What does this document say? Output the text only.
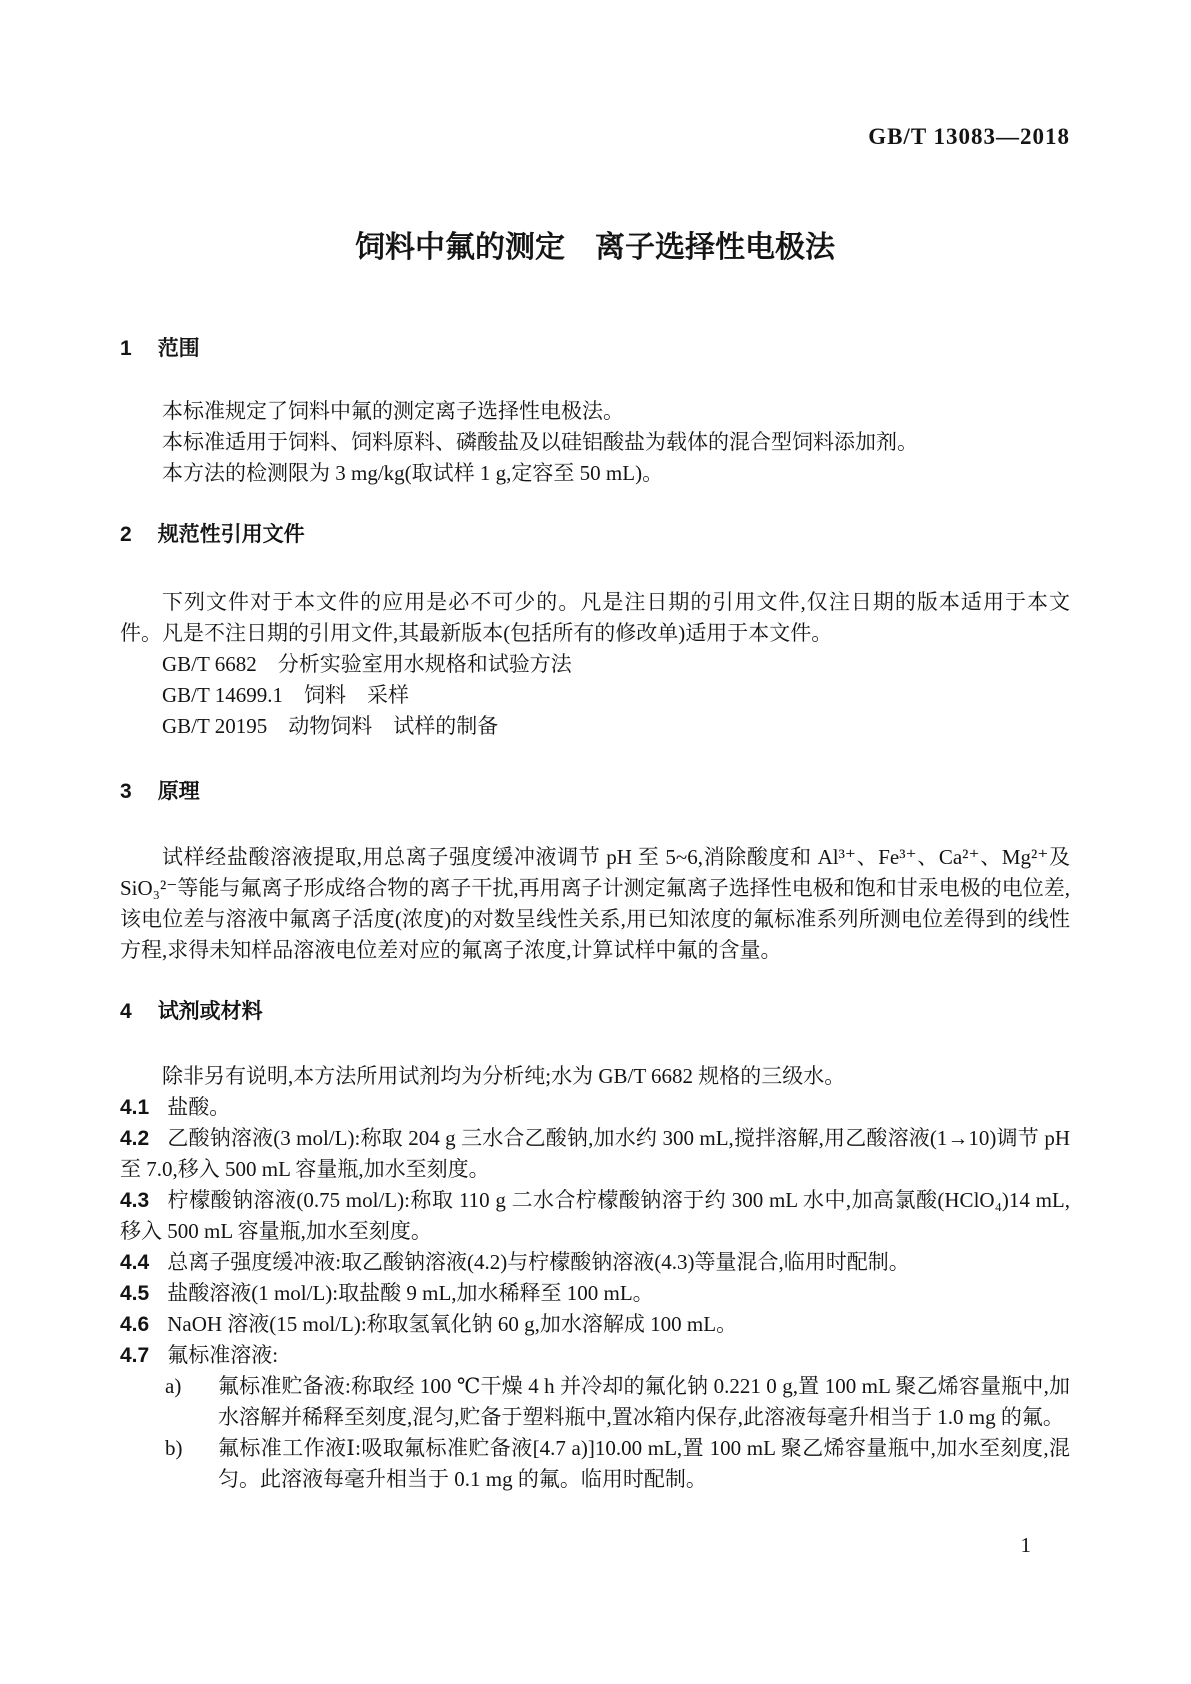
GB/T 13083—2018
饲料中氟的测定　离子选择性电极法
1 范围

本标准规定了饲料中氟的测定离子选择性电极法。

本标准适用于饲料、饲料原料、磷酸盐及以硅铝酸盐为载体的混合型饲料添加剂。

本方法的检测限为 3 mg/kg(取试样 1 g,定容至 50 mL)。

2 规范性引用文件

下列文件对于本文件的应用是必不可少的。凡是注日期的引用文件,仅注日期的版本适用于本文件。凡是不注日期的引用文件,其最新版本(包括所有的修改单)适用于本文件。

GB/T 6682　分析实验室用水规格和试验方法

GB/T 14699.1　饲料　采样

GB/T 20195　动物饲料　试样的制备

3 原理

试样经盐酸溶液提取,用总离子强度缓冲液调节 pH 至 5~6,消除酸度和 Al³⁺、Fe³⁺、Ca²⁺、Mg²⁺及 SiO₃²⁻等能与氟离子形成络合物的离子干扰,再用离子计测定氟离子选择性电极和饱和甘汞电极的电位差,该电位差与溶液中氟离子活度(浓度)的对数呈线性关系,用已知浓度的氟标准系列所测电位差得到的线性方程,求得未知样品溶液电位差对应的氟离子浓度,计算试样中氟的含量。

4 试剂或材料

除非另有说明,本方法所用试剂均为分析纯;水为 GB/T 6682 规格的三级水。

4.1 盐酸。

4.2 乙酸钠溶液(3 mol/L):称取 204 g 三水合乙酸钠,加水约 300 mL,搅拌溶解,用乙酸溶液(1→10)调节 pH 至 7.0,移入 500 mL 容量瓶,加水至刻度。

4.3 柠檬酸钠溶液(0.75 mol/L):称取 110 g 二水合柠檬酸钠溶于约 300 mL 水中,加高氯酸(HClO₄)14 mL,移入 500 mL 容量瓶,加水至刻度。

4.4 总离子强度缓冲液:取乙酸钠溶液(4.2)与柠檬酸钠溶液(4.3)等量混合,临用时配制。

4.5 盐酸溶液(1 mol/L):取盐酸 9 mL,加水稀释至 100 mL。

4.6 NaOH 溶液(15 mol/L):称取氢氧化钠 60 g,加水溶解成 100 mL。

4.7 氟标准溶液:

a)	氟标准贮备液:称取经 100 ℃干燥 4 h 并冷却的氟化钠 0.221 0 g,置 100 mL 聚乙烯容量瓶中,加水溶解并稀释至刻度,混匀,贮备于塑料瓶中,置冰箱内保存,此溶液每毫升相当于 1.0 mg 的氟。
b)	氟标准工作液Ⅰ:吸取氟标准贮备液[4.7 a)]10.00 mL,置 100 mL 聚乙烯容量瓶中,加水至刻度,混匀。此溶液每毫升相当于 0.1 mg 的氟。临用时配制。
1
